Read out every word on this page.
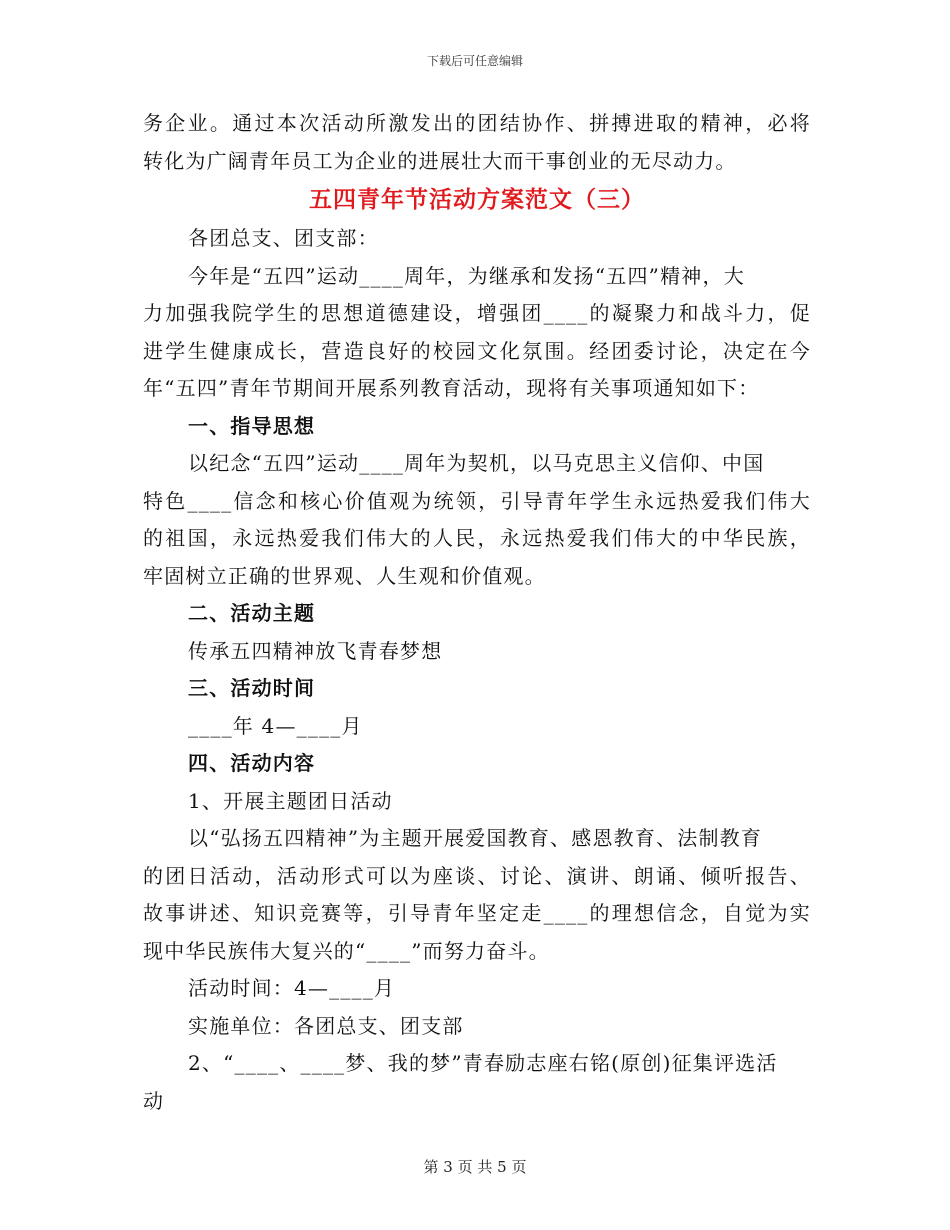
下载后可任意编辑
务企业。通过本次活动所激发出的团结协作、拼搏进取的精神，必将
转化为广阔青年员工为企业的进展壮大而干事创业的无尽动力。
五四青年节活动方案范文（三）
各团总支、团支部：
今年是“五四”运动____周年，为继承和发扬“五四”精神，大
力加强我院学生的思想道德建设，增强团____的凝聚力和战斗力，促
进学生健康成长，营造良好的校园文化氛围。经团委讨论，决定在今
年“五四”青年节期间开展系列教育活动，现将有关事项通知如下：
一、指导思想
以纪念“五四”运动____周年为契机，以马克思主义信仰、中国
特色____信念和核心价值观为统领，引导青年学生永远热爱我们伟大
的祖国，永远热爱我们伟大的人民，永远热爱我们伟大的中华民族，
牢固树立正确的世界观、人生观和价值观。
二、活动主题
传承五四精神放飞青春梦想
三、活动时间
____年 4—____月
四、活动内容
1、开展主题团日活动
以“弘扬五四精神”为主题开展爱国教育、感恩教育、法制教育
的团日活动，活动形式可以为座谈、讨论、演讲、朗诵、倾听报告、
故事讲述、知识竞赛等，引导青年坚定走____的理想信念，自觉为实
现中华民族伟大复兴的“____”而努力奋斗。
活动时间：4—____月
实施单位：各团总支、团支部
2、“____、____梦、我的梦”青春励志座右铭(原创)征集评选活
动
第 3 页 共 5 页
